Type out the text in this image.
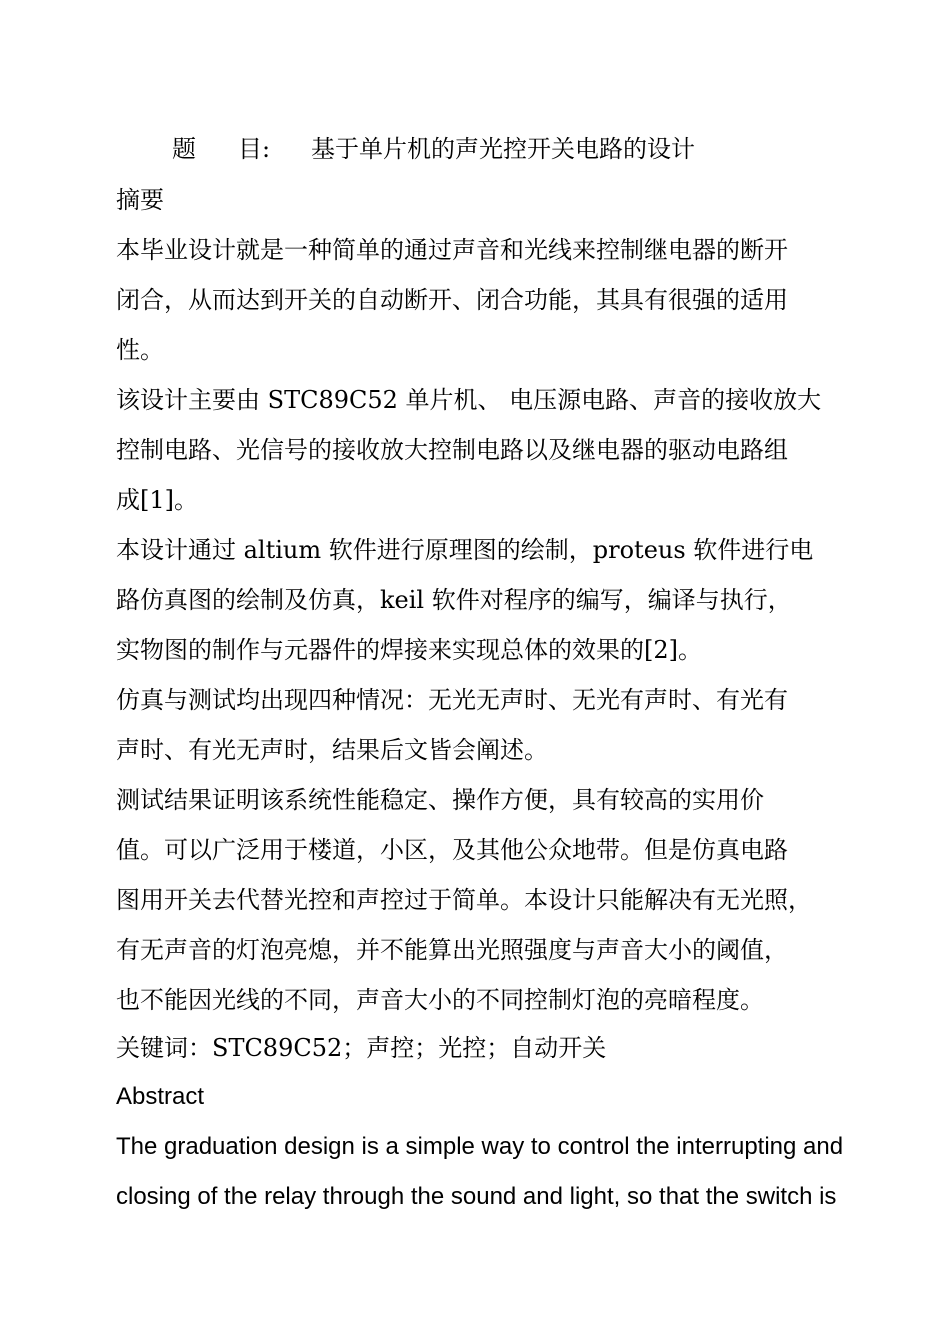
题 目: 基于单片机的声光控开关电路的设计
摘要
本毕业设计就是一种简单的通过声音和光线来控制继电器的断开
闭合，从而达到开关的自动断开、闭合功能，其具有很强的适用
性。
该设计主要由 STC89C52 单片机、 电压源电路、声音的接收放大
控制电路、光信号的接收放大控制电路以及继电器的驱动电路组
成[1]。
本设计通过 altium 软件进行原理图的绘制，proteus 软件进行电
路仿真图的绘制及仿真，keil 软件对程序的编写，编译与执行，
实物图的制作与元器件的焊接来实现总体的效果的[2]。
仿真与测试均出现四种情况：无光无声时、无光有声时、有光有
声时、有光无声时，结果后文皆会阐述。
测试结果证明该系统性能稳定、操作方便，具有较高的实用价
值。可以广泛用于楼道，小区，及其他公众地带。但是仿真电路
图用开关去代替光控和声控过于简单。本设计只能解决有无光照，
有无声音的灯泡亮熄，并不能算出光照强度与声音大小的阈值，
也不能因光线的不同，声音大小的不同控制灯泡的亮暗程度。
关键词：STC89C52；声控；光控；自动开关
Abstract
The graduation design is a simple way to control the interrupting and
closing of the relay through the sound and light, so that the switch is
